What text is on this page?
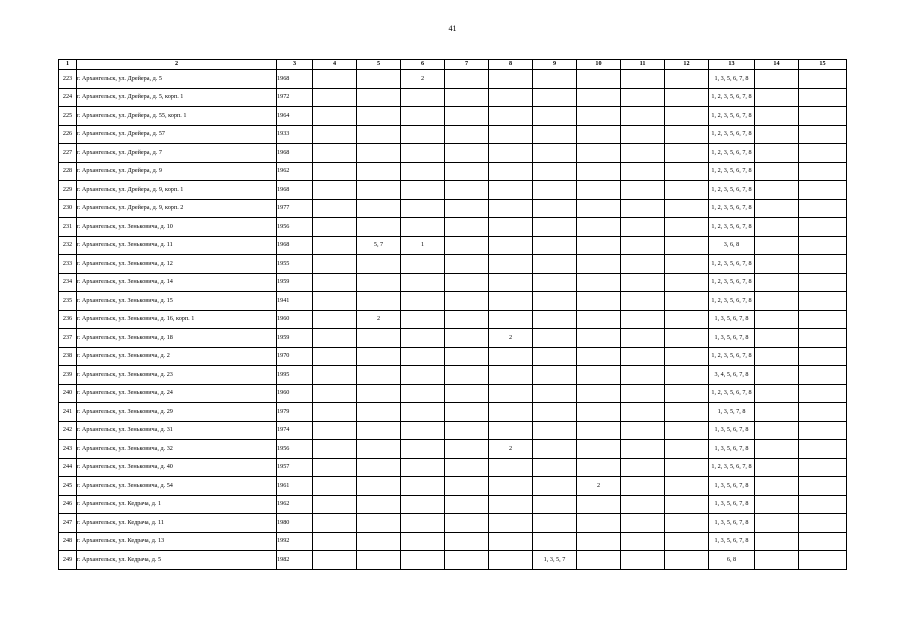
41
1	2	3	4	5	6	7	8	9	10	11	12	13	14	15
223	г. Архангельск, ул. Дрейера, д. 5	1968			2							1, 3, 5, 6, 7, 8		
224	г. Архангельск, ул. Дрейера, д. 5, корп. 1	1972										1, 2, 3, 5, 6, 7, 8		
225	г. Архангельск, ул. Дрейера, д. 55, корп. 1	1964										1, 2, 3, 5, 6, 7, 8		
226	г. Архангельск, ул. Дрейера, д. 57	1933										1, 2, 3, 5, 6, 7, 8		
227	г. Архангельск, ул. Дрейера, д. 7	1968										1, 2, 3, 5, 6, 7, 8		
228	г. Архангельск, ул. Дрейера, д. 9	1962										1, 2, 3, 5, 6, 7, 8		
229	г. Архангельск, ул. Дрейера, д. 9, корп. 1	1968										1, 2, 3, 5, 6, 7, 8		
230	г. Архангельск, ул. Дрейера, д. 9, корп. 2	1977										1, 2, 3, 5, 6, 7, 8		
231	г. Архангельск, ул. Зеньковича, д. 10	1956										1, 2, 3, 5, 6, 7, 8		
232	г. Архангельск, ул. Зеньковича, д. 11	1968		5, 7	1							3, 6, 8		
233	г. Архангельск, ул. Зеньковича, д. 12	1955										1, 2, 3, 5, 6, 7, 8		
234	г. Архангельск, ул. Зеньковича, д. 14	1959										1, 2, 3, 5, 6, 7, 8		
235	г. Архангельск, ул. Зеньковича, д. 15	1941										1, 2, 3, 5, 6, 7, 8		
236	г. Архангельск, ул. Зеньковича, д. 16, корп. 1	1960		2								1, 3, 5, 6, 7, 8		
237	г. Архангельск, ул. Зеньковича, д. 18	1959					2					1, 3, 5, 6, 7, 8		
238	г. Архангельск, ул. Зеньковича, д. 2	1970										1, 2, 3, 5, 6, 7, 8		
239	г. Архангельск, ул. Зеньковича, д. 23	1995										3, 4, 5, 6, 7, 8		
240	г. Архангельск, ул. Зеньковича, д. 24	1960										1, 2, 3, 5, 6, 7, 8		
241	г. Архангельск, ул. Зеньковича, д. 29	1979										1, 3, 5, 7, 8		
242	г. Архангельск, ул. Зеньковича, д. 31	1974										1, 3, 5, 6, 7, 8		
243	г. Архангельск, ул. Зеньковича, д. 32	1956					2					1, 3, 5, 6, 7, 8		
244	г. Архангельск, ул. Зеньковича, д. 40	1957										1, 2, 3, 5, 6, 7, 8		
245	г. Архангельск, ул. Зеньковича, д. 54	1961							2			1, 3, 5, 6, 7, 8		
246	г. Архангельск, ул. Кедрача, д. 1	1962										1, 3, 5, 6, 7, 8		
247	г. Архангельск, ул. Кедрача, д. 11	1980										1, 3, 5, 6, 7, 8		
248	г. Архангельск, ул. Кедрача, д. 13	1992										1, 3, 5, 6, 7, 8		
249	г. Архангельск, ул. Кедрача, д. 5	1982						1, 3, 5, 7				6, 8		
